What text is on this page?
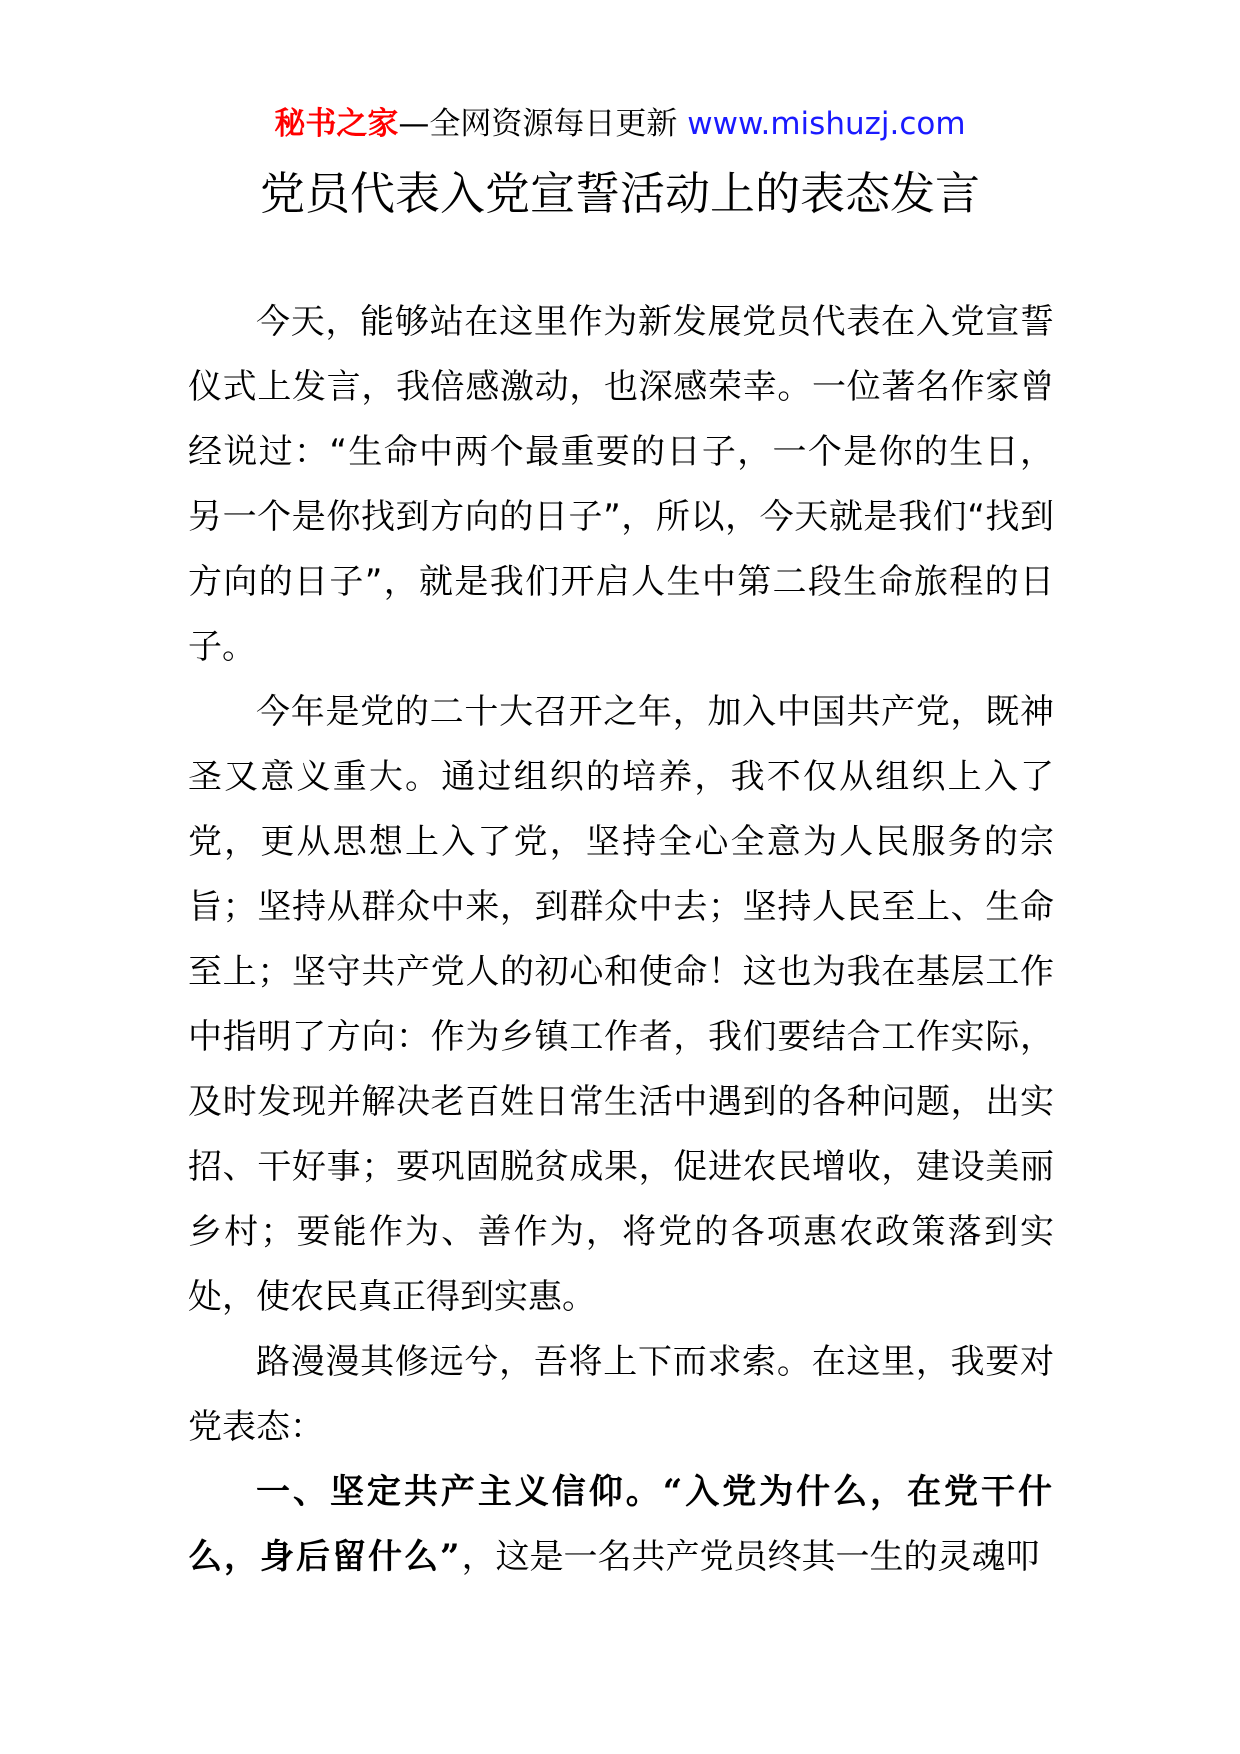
秘书之家—全网资源每日更新 www.mishuzj.com
党员代表入党宣誓活动上的表态发言

今天，能够站在这里作为新发展党员代表在入党宣誓仪式上发言，我倍感激动，也深感荣幸。一位著名作家曾经说过：“生命中两个最重要的日子，一个是你的生日，另一个是你找到方向的日子”，所以，今天就是我们“找到方向的日子”，就是我们开启人生中第二段生命旅程的日子。

今年是党的二十大召开之年，加入中国共产党，既神圣又意义重大。通过组织的培养，我不仅从组织上入了党，更从思想上入了党，坚持全心全意为人民服务的宗旨；坚持从群众中来，到群众中去；坚持人民至上、生命至上；坚守共产党人的初心和使命！这也为我在基层工作中指明了方向：作为乡镇工作者，我们要结合工作实际，及时发现并解决老百姓日常生活中遇到的各种问题，出实招、干好事；要巩固脱贫成果，促进农民增收，建设美丽乡村；要能作为、善作为，将党的各项惠农政策落到实处，使农民真正得到实惠。

路漫漫其修远兮，吾将上下而求索。在这里，我要对党表态：

一、坚定共产主义信仰。“入党为什么，在党干什么，身后留什么”，这是一名共产党员终其一生的灵魂叩
